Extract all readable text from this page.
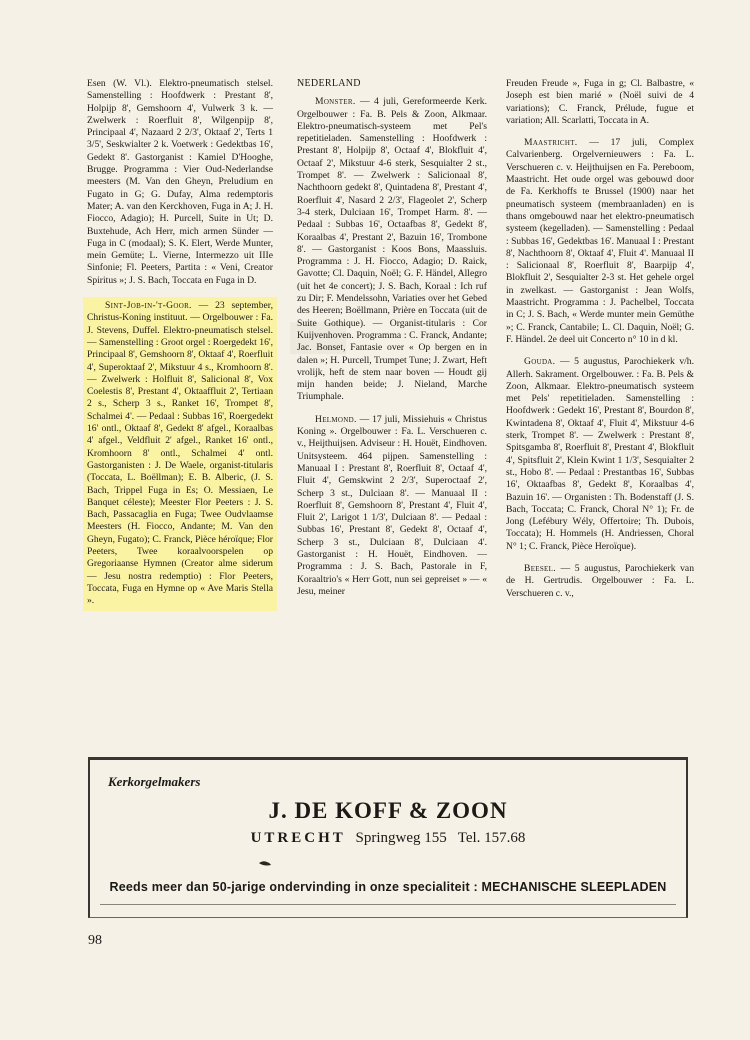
Esen (W. Vl.). Elektro-pneumatisch stelsel. Samenstelling : Hoofdwerk : Prestant 8', Holpijp 8', Gemshoorn 4', Vulwerk 3 k. — Zwelwerk : Roerfluit 8', Wilgenpijp 8', Principaal 4', Nazaard 2 2/3', Oktaaf 2', Terts 1 3/5', Seskwialter 2 k. Voetwerk : Gedektbas 16', Gedekt 8'. Gastorganist : Kamiel D'Hooghe, Brugge. Programma : Vier Oud-Nederlandse meesters (M. Van den Gheyn, Preludium en Fugato in G; G. Dufay, Alma redemptoris Mater; A. van den Kerckhoven, Fuga in A; J. H. Fiocco, Adagio); H. Purcell, Suite in Ut; D. Buxtehude, Ach Herr, mich armen Sünder — Fuga in C (modaal); S. K. Elert, Werde Munter, mein Gemüte; L. Vierne, Intermezzo uit IIIe Sinfonie; Fl. Peeters, Partita : « Veni, Creator Spiritus »; J. S. Bach, Toccata en Fuga in D.

Sint-Job-in-'t-Goor. — 23 september, Christus-Koning instituut. — Orgelbouwer : Fa. J. Stevens, Duffel. Elektro-pneumatisch stelsel. — Samenstelling : Groot orgel : Roergedekt 16', Principaal 8', Gemshoorn 8', Oktaaf 4', Roerfluit 4', Superoktaaf 2', Mikstuur 4 s., Kromhoorn 8'. — Zwelwerk : Holfluit 8', Salicional 8', Vox Coelestis 8', Prestant 4', Oktaaffluit 2', Tertiaan 2 s., Scherp 3 s., Ranket 16', Trompet 8', Schalmei 4'. — Pedaal : Subbas 16', Roergedekt 16' ontl., Oktaaf 8', Gedekt 8' afgel., Koraalbas 4' afgel., Veldfluit 2' afgel., Ranket 16' ontl., Kromhoorn 8' ontl., Schalmei 4' ontl. Gastorganisten : J. De Waele, organist-titularis (Toccata, L. Boëllman); E. B. Alberic, (J. S. Bach, Trippel Fuga in Es; O. Messiaen, Le Banquet céleste); Meester Flor Peeters : J. S. Bach, Passacaglia en Fuga; Twee Oudvlaamse Meesters (H. Fiocco, Andante; M. Van den Gheyn, Fugato); C. Franck, Pièce héroïque; Flor Peeters, Twee koraalvoorspelen op Gregoriaanse Hymnen (Creator alme siderum — Jesu nostra redemptio) : Flor Peeters, Toccata, Fuga en Hymne op « Ave Maris Stella ».

NEDERLAND

Monster. — 4 juli, Gereformeerde Kerk. Orgelbouwer : Fa. B. Pels & Zoon, Alkmaar. Elektro-pneumatisch-systeem met Pel's repetitieladen. Samenstelling : Hoofdwerk : Prestant 8', Holpijp 8', Octaaf 4', Blokfluit 4', Octaaf 2', Mikstuur 4-6 sterk, Sesquialter 2 st., Trompet 8'. — Zwelwerk : Salicionaal 8', Nachthoorn gedekt 8', Quintadena 8', Prestant 4', Roerfluit 4', Nasard 2 2/3', Flageolet 2', Scherp 3-4 sterk, Dulciaan 16', Trompet Harm. 8'. — Pedaal : Subbas 16', Octaafbas 8', Gedekt 8', Koraalbas 4', Prestant 2', Bazuin 16', Trombone 8'. — Gastorganist : Koos Bons, Maassluis. Programma : J. H. Fiocco, Adagio; D. Raick, Gavotte; Cl. Daquin, Noël; G. F. Händel, Allegro (uit het 4e concert); J. S. Bach, Koraal : Ich ruf zu Dir; F. Mendelssohn, Variaties over het Gebed des Heeren; Boëllmann, Prière en Toccata (uit de Suite Gothique). — Organist-titularis : Cor Kuijvenhoven. Programma : C. Franck, Andante; Jac. Bonset, Fantasie over « Op bergen en in dalen »; H. Purcell, Trumpet Tune; J. Zwart, Heft vrolijk, heft de stem naar boven — Houdt gij mijn handen beide; J. Nieland, Marche Triumphale.

Helmond. — 17 juli, Missiehuis « Christus Koning ». Orgelbouwer : Fa. L. Verschueren c. v., Heijthuijsen. Adviseur : H. Houët, Eindhoven. Unitsysteem. 464 pijpen. Samenstelling : Manuaal I : Prestant 8', Roerfluit 8', Octaaf 4', Fluit 4', Gemskwint 2 2/3', Superoctaaf 2', Scherp 3 st., Dulciaan 8'. — Manuaal II : Roerfluit 8', Gemshoorn 8', Prestant 4', Fluit 4', Fluit 2', Larigot 1 1/3', Dulciaan 8'. — Pedaal : Subbas 16', Prestant 8', Gedekt 8', Octaaf 4', Scherp 3 st., Dulciaan 8', Dulciaan 4'. Gastorganist : H. Houët, Eindhoven. — Programma : J. S. Bach, Pastorale in F, Koraaltrio's « Herr Gott, nun sei gepreiset » — « Jesu, meiner

Freuden Freude », Fuga in g; Cl. Balbastre, « Joseph est bien marié » (Noël suivi de 4 variations); C. Franck, Prélude, fugue et variation; All. Scarlatti, Toccata in A.

Maastricht. — 17 juli, Complex Calvarienberg. Orgelvernieuwers : Fa. L. Verschueren c. v. Heijthuijsen en Fa. Pereboom, Maastricht. Het oude orgel was gebouwd door de Fa. Kerkhoffs te Brussel (1900) naar het pneumatisch systeem (membraanladen) en is thans omgebouwd naar het elektro-pneumatisch systeem (kegelladen). — Samenstelling : Pedaal : Subbas 16', Gedektbas 16'. Manuaal I : Prestant 8', Nachthoorn 8', Oktaaf 4', Fluit 4'. Manuaal II : Salicionaal 8', Roerfluit 8', Baarpijp 4', Blokfluit 2', Sesquialter 2-3 st. Het gehele orgel in zwelkast. — Gastorganist : Jean Wolfs, Maastricht. Programma : J. Pachelbel, Toccata in C; J. S. Bach, « Werde munter mein Gemüthe »; C. Franck, Cantabile; L. Cl. Daquin, Noël; G. F. Händel. 2e deel uit Concerto n° 10 in d kl.

Gouda. — 5 augustus, Parochiekerk v/h. Allerh. Sakrament. Orgelbouwer. : Fa. B. Pels & Zoon, Alkmaar. Elektro-pneumatisch systeem met Pels' repetitieladen. Samenstelling : Hoofdwerk : Gedekt 16', Prestant 8', Bourdon 8', Kwintadena 8', Oktaaf 4', Fluit 4', Mikstuur 4-6 sterk, Trompet 8'. — Zwelwerk : Prestant 8', Spitsgamba 8', Roerfluit 8', Prestant 4', Blokfluit 4', Spitsfluit 2', Klein Kwint 1 1/3', Sesquialter 2 st., Hobo 8'. — Pedaal : Prestantbas 16', Subbas 16', Oktaafbas 8', Gedekt 8', Koraalbas 4', Bazuin 16'. — Organisten : Th. Bodenstaff (J. S. Bach, Toccata; C. Franck, Choral N° 1); Fr. de Jong (Lefébury Wély, Offertoire; Th. Dubois, Toccata); H. Hommels (H. Andriessen, Choral N° 1; C. Franck, Pièce Heroïque).

Beesel. — 5 augustus, Parochiekerk van de H. Gertrudis. Orgelbouwer : Fa. L. Verschueren c. v.,

Kerkorgelmakers
J. DE KOFF & ZOON
UTRECHT Springweg 155 Tel. 157.68
Reeds meer dan 50-jarige ondervinding in onze specialiteit : MECHANISCHE SLEEPLADEN
98
